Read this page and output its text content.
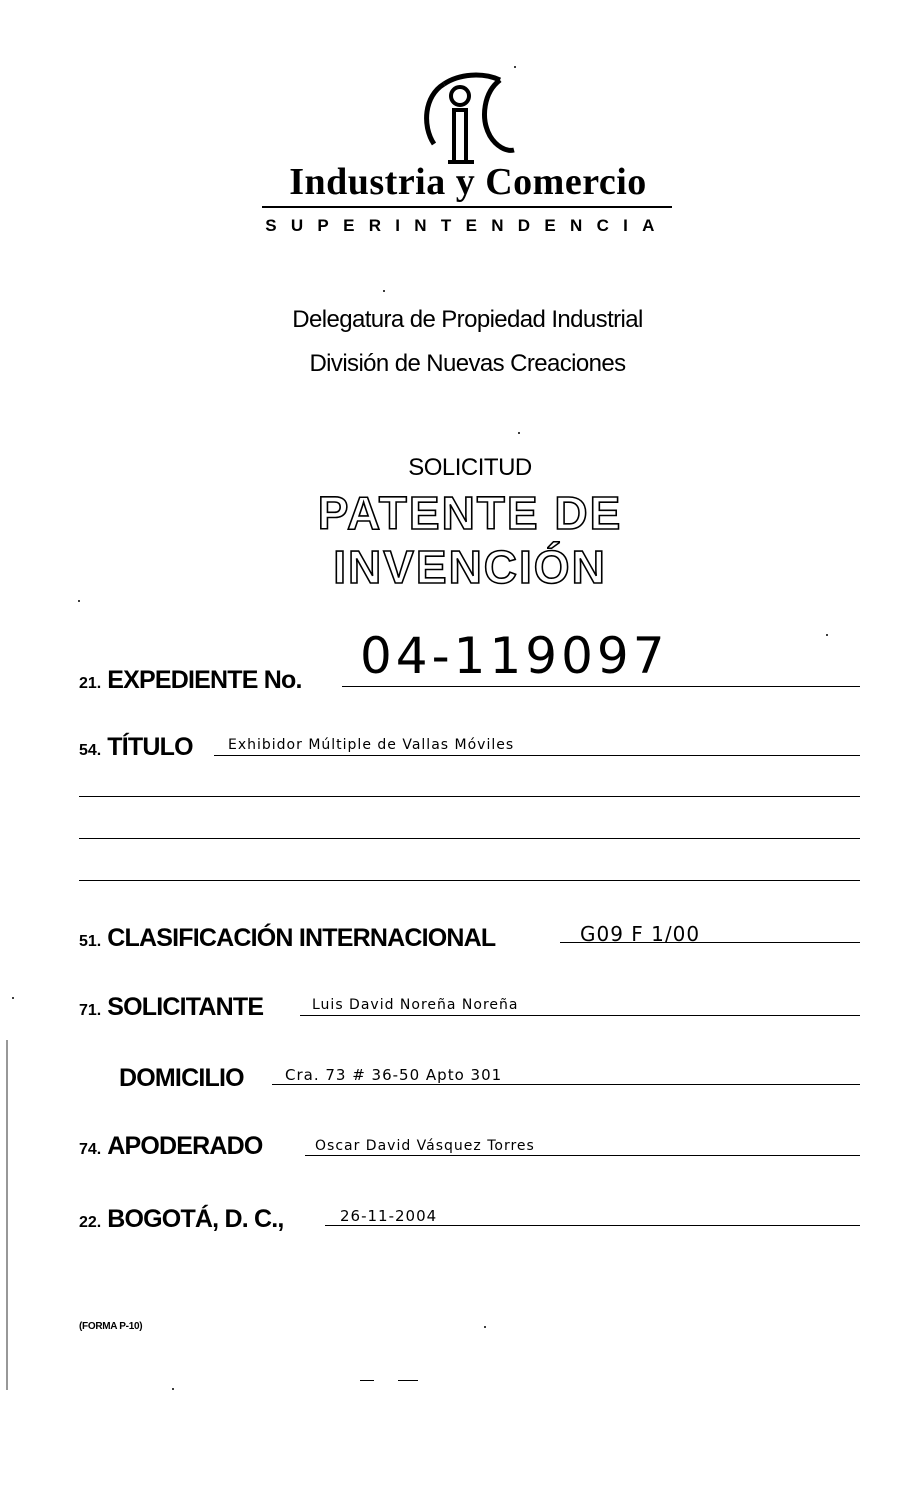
Industria y Comercio
SUPERINTENDENCIA
Delegatura de Propiedad Industrial
División de Nuevas Creaciones
SOLICITUD
PATENTE DE INVENCIÓN
21. EXPEDIENTE No. 04-119097
54. TÍTULO	Exhibidor Múltiple de Vallas Móviles
51. CLASIFICACIÓN INTERNACIONAL	G09 F 1/00
71. SOLICITANTE	Luis David Noreña Noreña
DOMICILIO	Cra. 73 # 36-50 Apto 301
74. APODERADO	Oscar David Vásquez Torres
22. BOGOTÁ, D. C.,	26-11-2004
(FORMA P-10)
